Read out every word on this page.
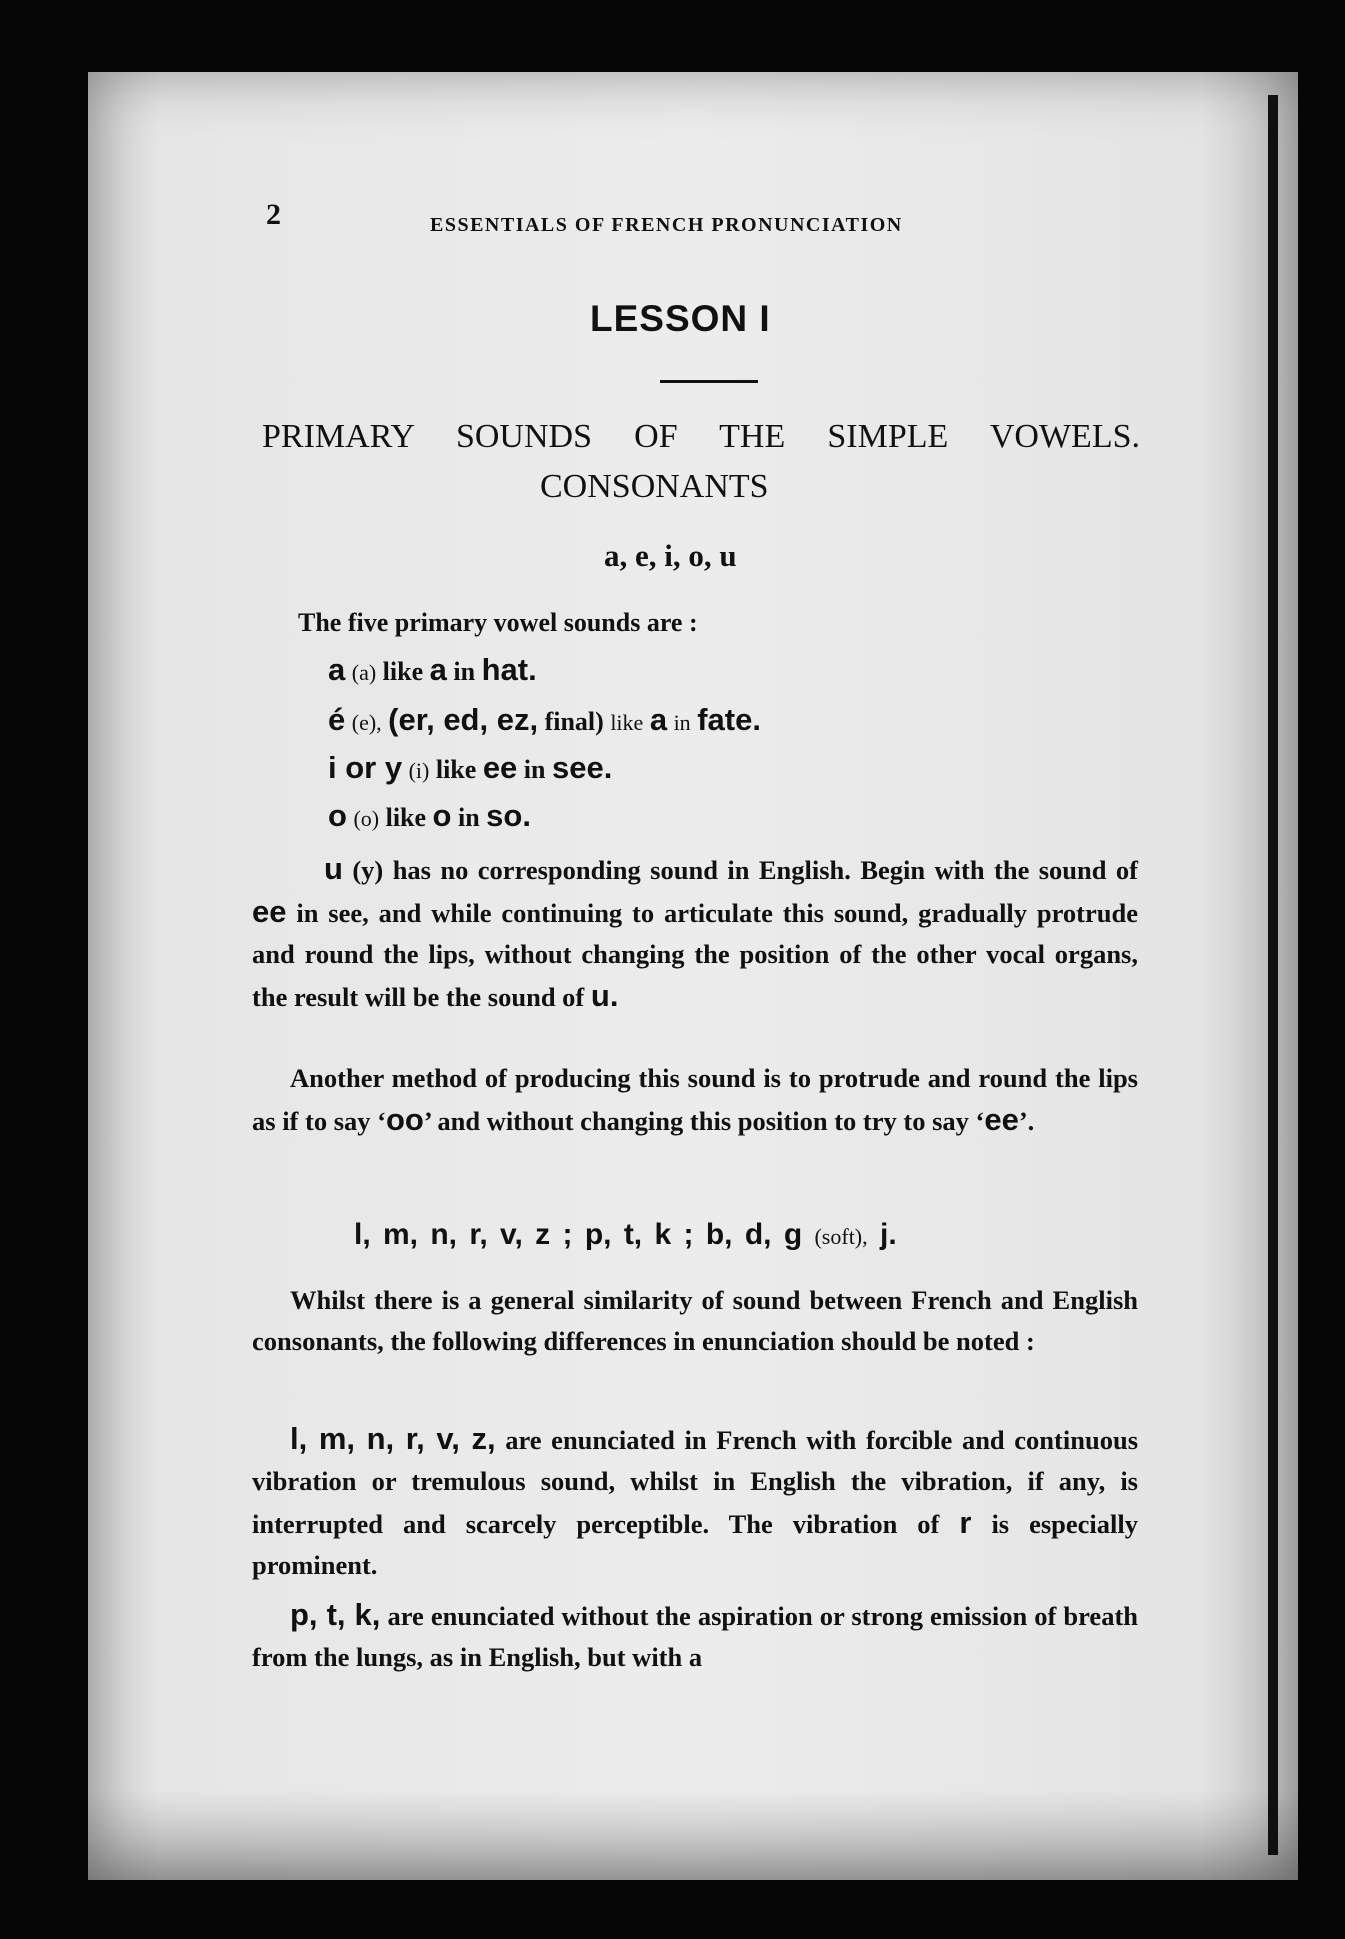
2	ESSENTIALS OF FRENCH PRONUNCIATION
LESSON I
PRIMARY SOUNDS OF THE SIMPLE VOWELS.
CONSONANTS
a, e, i, o, u
The five primary vowel sounds are :
a (a) like a in hat.
é (e), (er, ed, ez, final) like a in fate.
i or y (i) like ee in see.
o (o) like o in so.

u (y) has no corresponding sound in English. Begin with the sound of ee in see, and while continuing to articulate this sound, gradually protrude and round the lips, without changing the position of the other vocal organs, the result will be the sound of u.

Another method of producing this sound is to protrude and round the lips as if to say ‘oo’ and without changing this position to try to say ‘ee’.

l, m, n, r, v, z ; p, t, k ; b, d, g (soft), j.

Whilst there is a general similarity of sound between French and English consonants, the following differences in enunciation should be noted :

l, m, n, r, v, z, are enunciated in French with forcible and continuous vibration or tremulous sound, whilst in English the vibration, if any, is interrupted and scarcely perceptible. The vibration of r is especially prominent.

p, t, k, are enunciated without the aspiration or strong emission of breath from the lungs, as in English, but with a
